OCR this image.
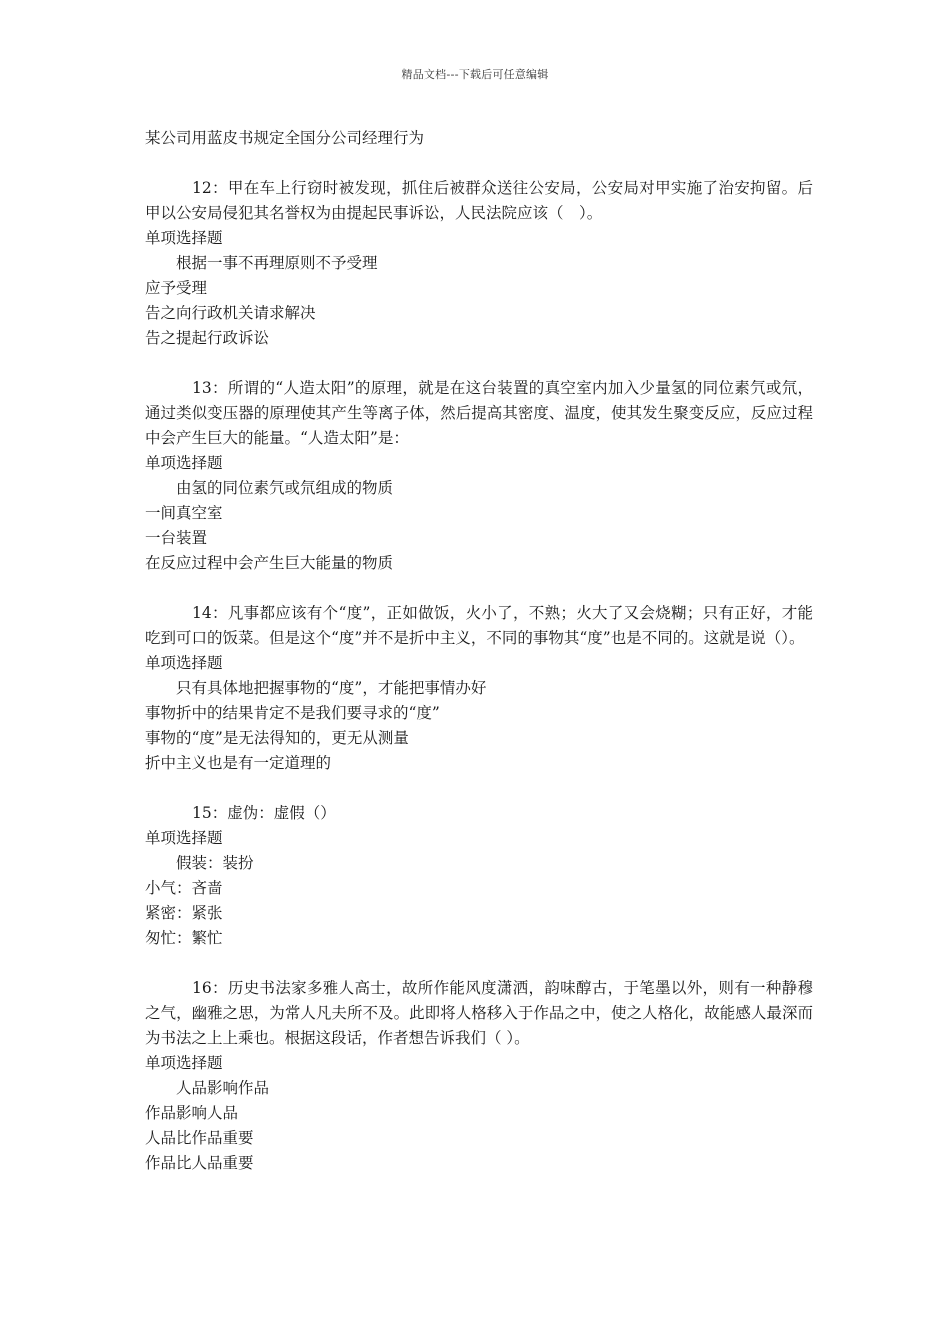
精品文档---下载后可任意编辑

某公司用蓝皮书规定全国分公司经理行为

12：甲在车上行窃时被发现，抓住后被群众送往公安局，公安局对甲实施了治安拘留。后甲以公安局侵犯其名誉权为由提起民事诉讼，人民法院应该（　）。

单项选择题

根据一事不再理原则不予受理

应予受理

告之向行政机关请求解决

告之提起行政诉讼

13：所谓的“人造太阳”的原理，就是在这台装置的真空室内加入少量氢的同位素氕或氘，通过类似变压器的原理使其产生等离子体，然后提高其密度、温度，使其发生聚变反应，反应过程中会产生巨大的能量。“人造太阳”是：

单项选择题

由氢的同位素氕或氘组成的物质

一间真空室

一台装置

在反应过程中会产生巨大能量的物质

14：凡事都应该有个“度”，正如做饭，火小了，不熟；火大了又会烧糊；只有正好，才能吃到可口的饭菜。但是这个“度”并不是折中主义，不同的事物其“度”也是不同的。这就是说（）。

单项选择题

只有具体地把握事物的“度”，才能把事情办好

事物折中的结果肯定不是我们要寻求的“度”

事物的“度”是无法得知的，更无从测量

折中主义也是有一定道理的

15：虚伪：虚假（）

单项选择题

假装：装扮

小气：吝啬

紧密：紧张

匆忙：繁忙

16：历史书法家多雅人高士，故所作能风度潇洒，韵味醇古，于笔墨以外，则有一种静穆之气，幽雅之思，为常人凡夫所不及。此即将人格移入于作品之中，使之人格化，故能感人最深而为书法之上上乘也。根据这段话，作者想告诉我们（ ）。

单项选择题

人品影响作品

作品影响人品

人品比作品重要

作品比人品重要
